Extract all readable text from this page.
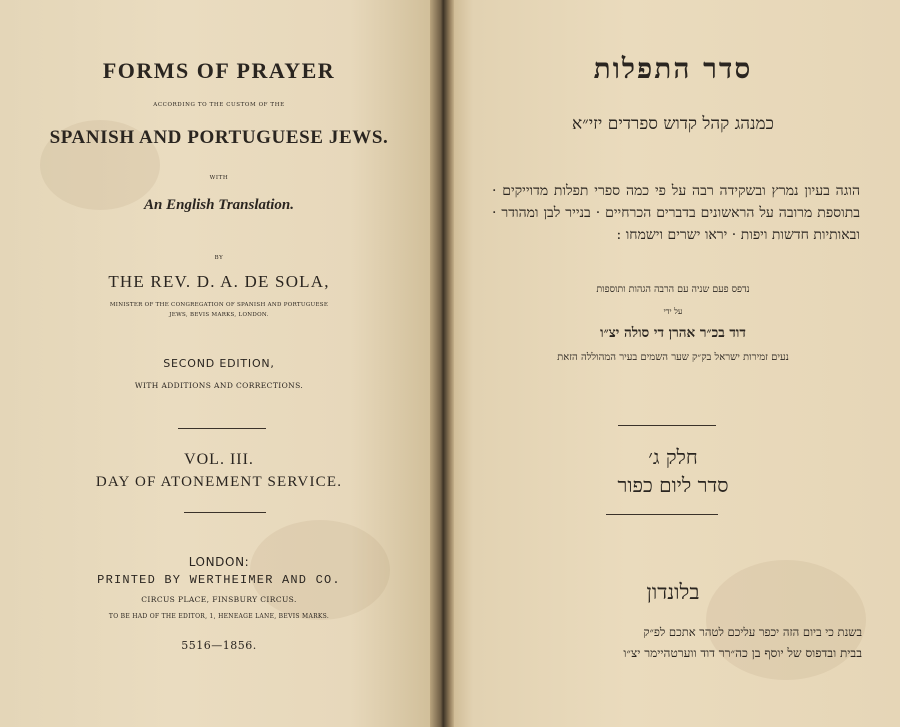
FORMS OF PRAYER
ACCORDING TO THE CUSTOM OF THE
SPANISH AND PORTUGUESE JEWS.
WITH
An English Translation.
BY
THE REV. D. A. DE SOLA,
MINISTER OF THE CONGREGATION OF SPANISH AND PORTUGUESE
JEWS, BEVIS MARKS, LONDON.
SECOND EDITION,
WITH ADDITIONS AND CORRECTIONS.
VOL. III.
DAY OF ATONEMENT SERVICE.
LONDON:
PRINTED BY WERTHEIMER AND CO.
CIRCUS PLACE, FINSBURY CIRCUS.
TO BE HAD OF THE EDITOR, 1, HENEAGE LANE, BEVIS MARKS.
5516—1856.
סדר התפלות
כמנהג קהל קדוש ספרדים יזי״א
הוגה בעיון נמרץ ובשקידה רבה על פי כמה ספרי תפלות מדוייקים · בתוספת מרובה על הראשונים בדברים הכרחיים · בנייר לבן ומהודר · ובאותיות חדשות ויפות · יראו ישרים וישמחו :
נדפס פעם שניה עם הרבה הגהות ותוספות
על ידי
דוד בכ״ר אהרן די סולה יצ״ו
נעים זמירות ישראל בק״ק שער השמים בעיר המהוללה הזאת
חלק ג׳
סדר ליום כפור
בלונדון
בשנת כי ביום הזה יכפר עליכם לטהר אתכם לפ״ק
בבית ובדפוס של יוסף בן כה״רר דוד ווערטהיימר יצ״ו
